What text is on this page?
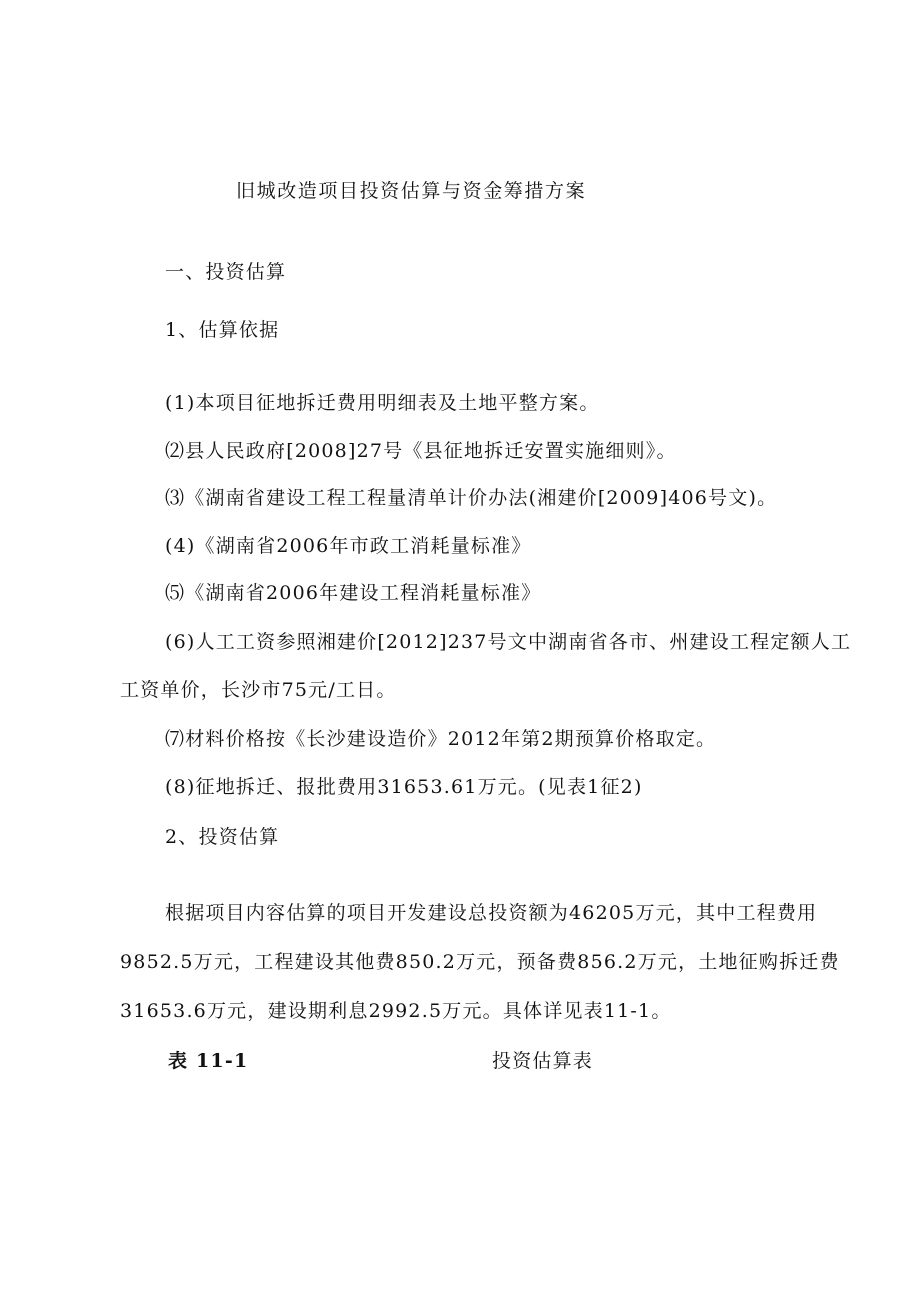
旧城改造项目投资估算与资金筹措方案
一、投资估算
1、估算依据
(1)本项目征地拆迁费用明细表及土地平整方案。
⑵县人民政府[2008]27号《县征地拆迁安置实施细则》。
⑶《湖南省建设工程工程量清单计价办法(湘建价[2009]406号文)。
(4)《湖南省2006年市政工消耗量标准》
⑸《湖南省2006年建设工程消耗量标准》
(6)人工工资参照湘建价[2012]237号文中湖南省各市、州建设工程定额人工
工资单价，长沙市75元/工日。
⑺材料价格按《长沙建设造价》2012年第2期预算价格取定。
(8)征地拆迁、报批费用31653.61万元。(见表1征2)
2、投资估算
根据项目内容估算的项目开发建设总投资额为46205万元，其中工程费用
9852.5万元，工程建设其他费850.2万元，预备费856.2万元，土地征购拆迁费
31653.6万元，建设期利息2992.5万元。具体详见表11-1。
表 11-1	投资估算表
